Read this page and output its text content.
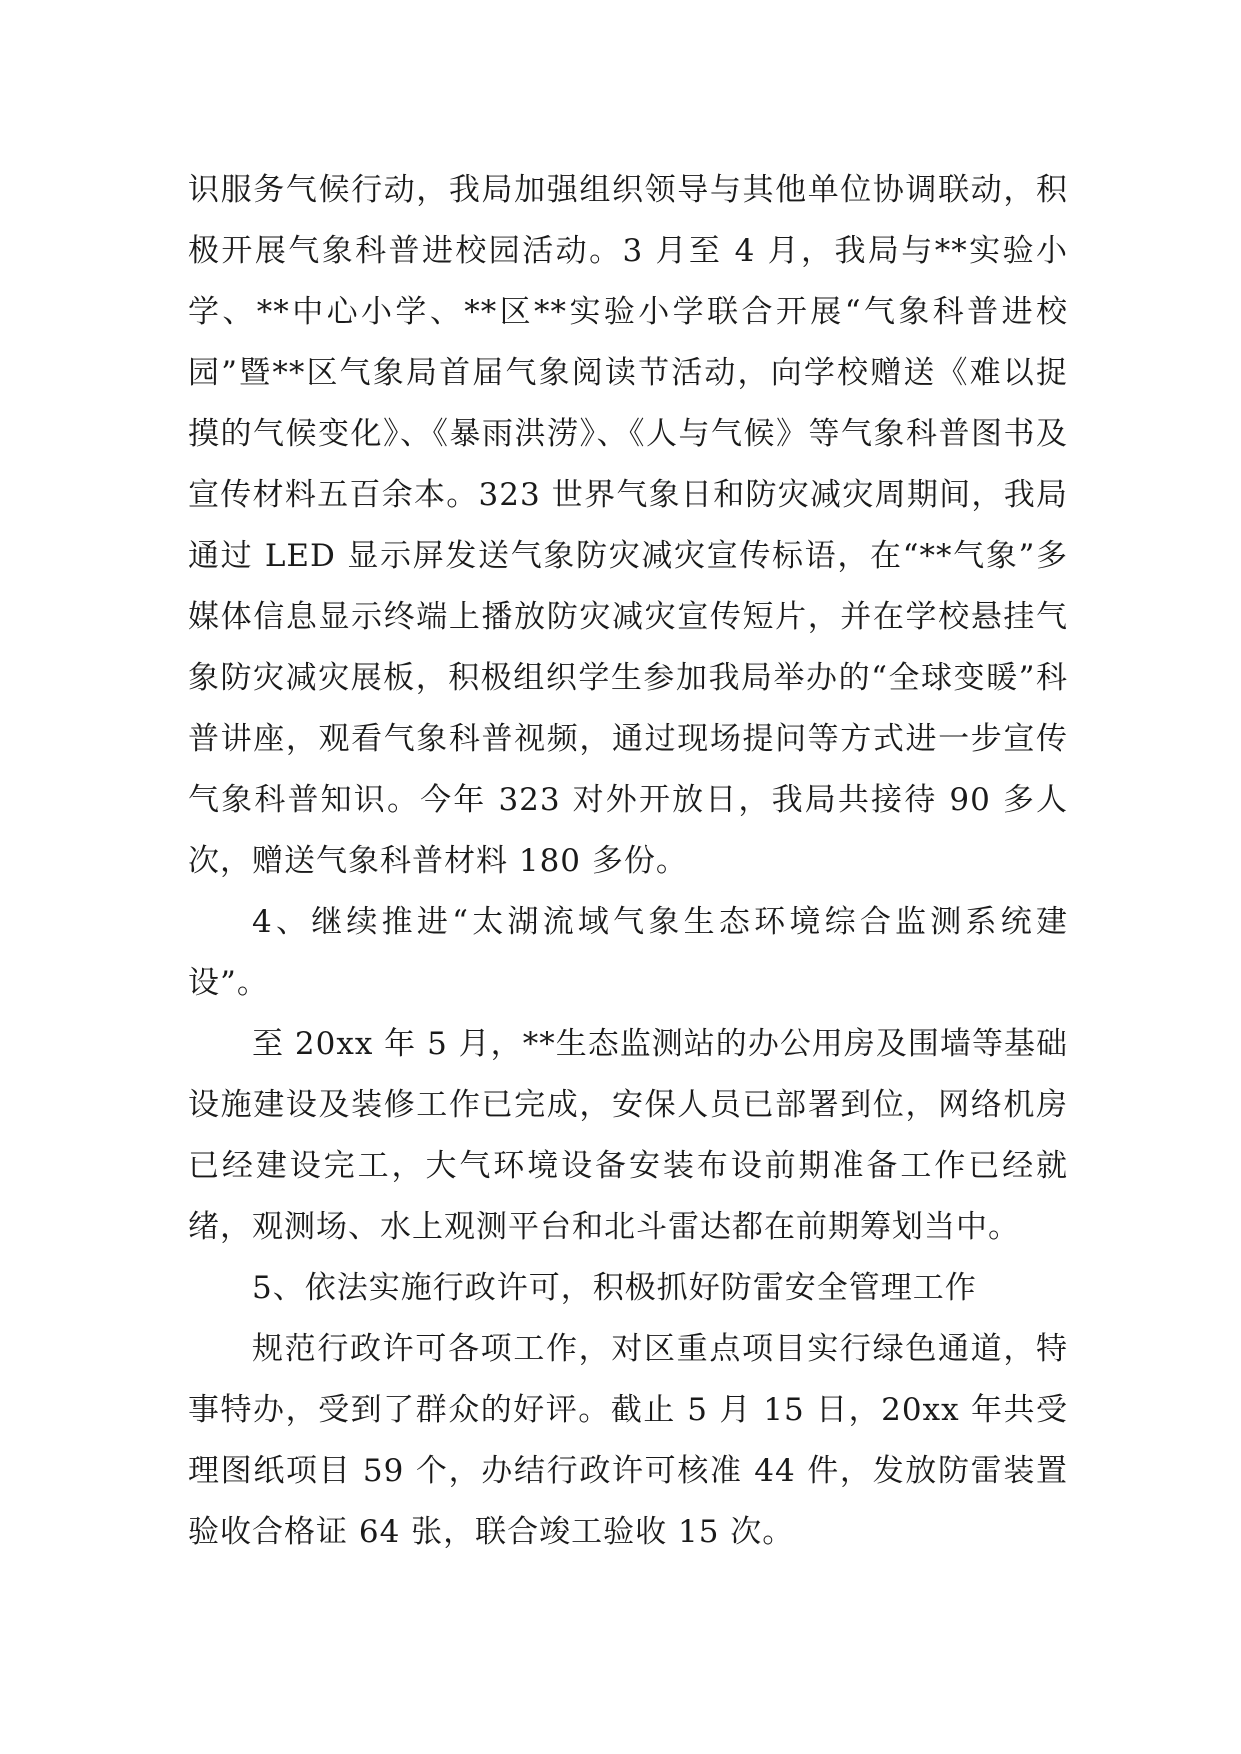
识服务气候行动，我局加强组织领导与其他单位协调联动，积极开展气象科普进校园活动。3 月至 4 月，我局与**实验小学、**中心小学、**区**实验小学联合开展“气象科普进校园”暨**区气象局首届气象阅读节活动，向学校赠送《难以捉摸的气候变化》、《暴雨洪涝》、《人与气候》等气象科普图书及宣传材料五百余本。323 世界气象日和防灾减灾周期间，我局通过 LED 显示屏发送气象防灾减灾宣传标语，在“**气象”多媒体信息显示终端上播放防灾减灾宣传短片，并在学校悬挂气象防灾减灾展板，积极组织学生参加我局举办的“全球变暖”科普讲座，观看气象科普视频，通过现场提问等方式进一步宣传气象科普知识。今年 323 对外开放日，我局共接待 90 多人次，赠送气象科普材料 180 多份。

4、继续推进“太湖流域气象生态环境综合监测系统建设”。

至 20xx 年 5 月，**生态监测站的办公用房及围墙等基础设施建设及装修工作已完成，安保人员已部署到位，网络机房已经建设完工，大气环境设备安装布设前期准备工作已经就绪，观测场、水上观测平台和北斗雷达都在前期筹划当中。

5、依法实施行政许可，积极抓好防雷安全管理工作

规范行政许可各项工作，对区重点项目实行绿色通道，特事特办，受到了群众的好评。截止 5 月 15 日，20xx 年共受理图纸项目 59 个，办结行政许可核准 44 件，发放防雷装置验收合格证 64 张，联合竣工验收 15 次。
